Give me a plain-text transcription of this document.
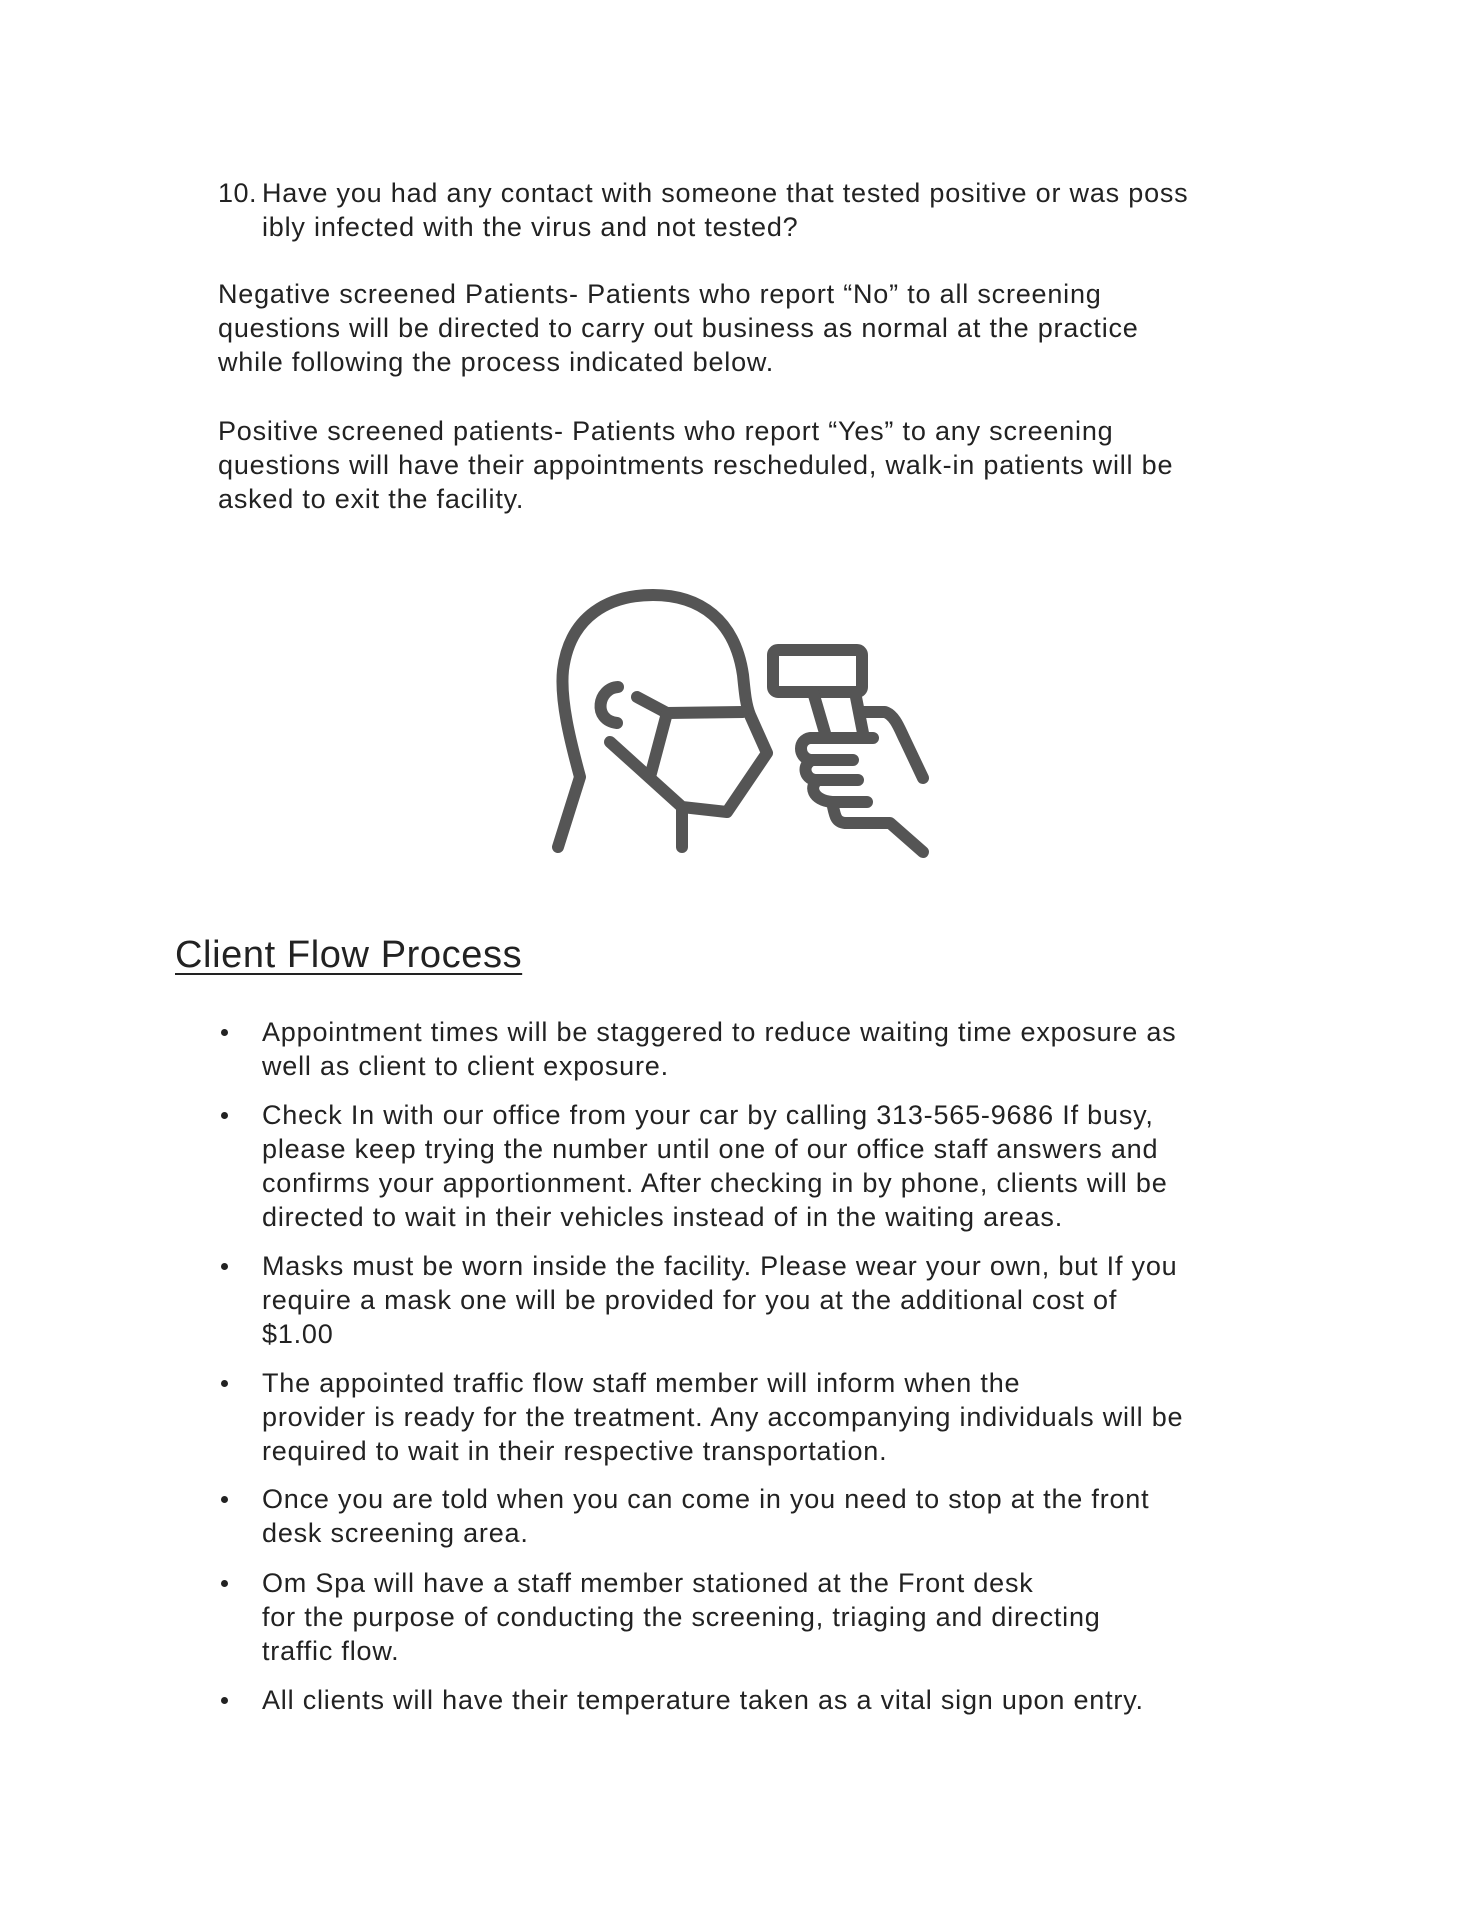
10. Have you had any contact with someone that tested positive or was poss
ibly infected with the virus and not tested?
Negative screened Patients- Patients who report “No” to all screening
questions will be directed to carry out business as normal at the practice
while following the process indicated below.
Positive screened patients- Patients who report “Yes” to any screening
questions will have their appointments rescheduled, walk-in patients will be
asked to exit the facility.
Client Flow Process
Appointment times will be staggered to reduce waiting time exposure as
well as client to client exposure.
Check In with our office from your car by calling 313-565-9686 If busy,
please keep trying the number until one of our office staff answers and
confirms your apportionment. After checking in by phone, clients will be
directed to wait in their vehicles instead of in the waiting areas.
Masks must be worn inside the facility. Please wear your own, but If you
require a mask one will be provided for you at the additional cost of
$1.00
The appointed traffic flow staff member will inform when the
provider is ready for the treatment. Any accompanying individuals will be
required to wait in their respective transportation.
Once you are told when you can come in you need to stop at the front
desk screening area.
Om Spa will have a staff member stationed at the Front desk
for the purpose of conducting the screening, triaging and directing
traffic flow.
All clients will have their temperature taken as a vital sign upon entry.
